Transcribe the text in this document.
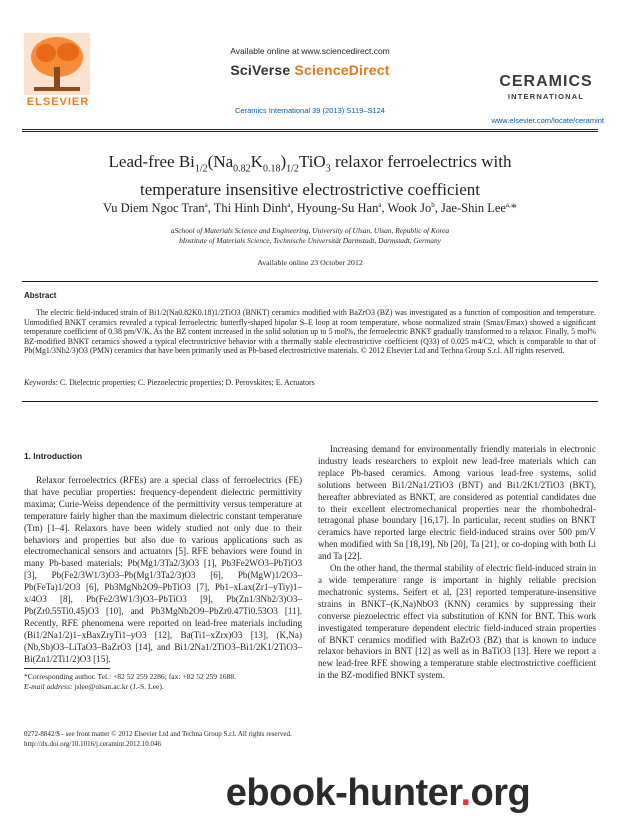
ELSEVIER
Available online at www.sciencedirect.com
SciVerse ScienceDirect
Ceramics International 39 (2013) S119–S124
CERAMICS
INTERNATIONAL
www.elsevier.com/locate/ceramint
Lead-free $Bi_{1/2}(Na_{0.82}K_{0.18})_{1/2}TiO_3$ relaxor ferroelectrics with
temperature insensitive electrostrictive coefficient
Vu Diem Ngoc Tran$^a$, Thi Hinh Dinh$^a$, Hyoung-Su Han$^a$, Wook Jo$^b$, Jae-Shin Lee$^{a,}$*
aSchool of Materials Science and Engineering, University of Ulsan, Ulsan, Republic of Korea
bInstitute of Materials Science, Technische Universität Darmstadt, Darmstadt, Germany
Available online 23 October 2012
Abstract
The electric field-induced strain of Bi1/2(Na0.82K0.18)1/2TiO3 (BNKT) ceramics modified with BaZrO3 (BZ) was investigated as a function of composition and temperature. Unmodified BNKT ceramics revealed a typical ferroelectric butterfly-shaped bipolar S–E loop at room temperature, whose normalized strain (Smax/Emax) showed a significant temperature coefficient of 0.38 pm/V/K. As the BZ content increased in the solid solution up to 5 mol%, the ferroelectric BNKT gradually transformed to a relaxor. Finally, 5 mol% BZ-modified BNKT ceramics showed a typical electrostrictive behavior with a thermally stable electrostrictive coefficient (Q33) of 0.025 m4/C2, which is comparable to that of Pb(Mg1/3Nb2/3)O3 (PMN) ceramics that have been primarily used as Pb-based electrostrictive materials. © 2012 Elsevier Ltd and Techna Group S.r.l. All rights reserved.
Keywords: C. Dielectric properties; C. Piezoelectric properties; D. Perovskites; E. Actuators
1. Introduction

Relaxor ferroelectrics (RFEs) are a special class of ferroelectrics (FE) that have peculiar properties: frequency-dependent dielectric permittivity maxima; Curie-Weiss dependence of the permittivity versus temperature at temperature fairly higher than the maximum dielectric constant temperature (Tm) [1–4]. Relaxors have been widely studied not only due to their behaviors and properties but also due to various applications such as electromechanical sensors and actuators [5]. RFE behaviors were found in many Pb-based materials: Pb(Mg1/3Ta2/3)O3 [1], Pb3Fe2WO3–PbTiO3 [3], Pb(Fe2/3W1/3)O3–Pb(Mg1/3Ta2/3)O3 [6], Pb(MgW)1/2O3–Pb(FeTa)1/2O3 [6], Pb3MgNb2O9–PbTiO3 [7], Pb1–xLax(Zr1–yTiy)1–x/4O3 [8], Pb(Fe2/3W1/3)O3–PbTiO3 [9], Pb(Zn1/3Nb2/3)O3–Pb(Zr0.55Ti0.45)O3 [10], and Pb3MgNb2O9–PbZr0.47Ti0.53O3 [11]. Recently, RFE phenomena were reported on lead-free materials including (Bi1/2Na1/2)1–xBaxZryTi1–yO3 [12], Ba(Ti1–xZrx)O3 [13], (K,Na)(Nb,Sb)O3–LiTaO3–BaZrO3 [14], and Bi1/2Na1/2TiO3–Bi1/2K1/2TiO3–Bi(Zn1/2Ti1/2)O3 [15].

Increasing demand for environmentally friendly materials in electronic industry leads researchers to exploit new lead-free materials which can replace Pb-based ceramics. Among various lead-free systems, solid solutions between Bi1/2Na1/2TiO3 (BNT) and Bi1/2K1/2TiO3 (BKT), hereafter abbreviated as BNKT, are considered as potential candidates due to their excellent electromechanical properties near the rhombohedral-tetragonal phase boundary [16,17]. In particular, recent studies on BNKT ceramics have reported large electric field-induced strains over 500 pm/V when modified with Sn [18,19], Nb [20], Ta [21], or co-doping with both Li and Ta [22].

On the other hand, the thermal stability of electric field-induced strain in a wide temperature range is important in highly reliable precision mechatronic systems. Seifert et al. [23] reported temperature-insensitive strains in BNKT–(K,Na)NbO3 (KNN) ceramics by suppressing their converse piezoelectric effect via substitution of KNN for BNT. This work investigated temperature dependent electric field-induced strain properties of BNKT ceramics modified with BaZrO3 (BZ) that is known to induce relaxor behaviors in BNT [12] as well as in BaTiO3 [13]. Here we report a new lead-free RFE showing a temperature stable electrostrictive coefficient in the BZ-modified BNKT system.

*Corresponding author. Tel.: +82 52 259 2286; fax: +82 52 259 1688.
E-mail address: jslee@ulsan.ac.kr (J.-S. Lee).
0272-8842/$ - see front matter © 2012 Elsevier Ltd and Techna Group S.r.l. All rights reserved.
http://dx.doi.org/10.1016/j.ceramint.2012.10.046
ebook-hunter.org
